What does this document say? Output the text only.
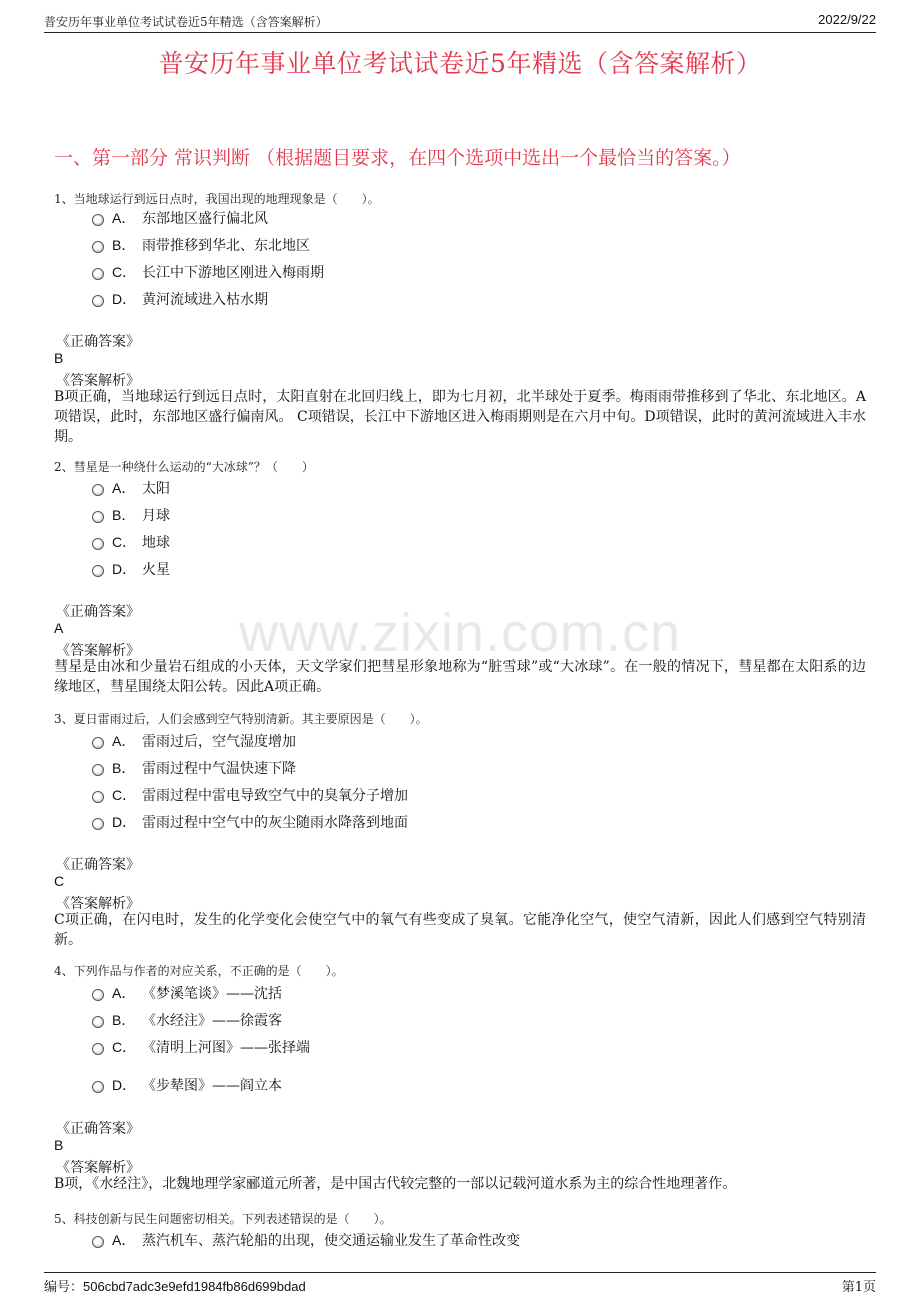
普安历年事业单位考试试卷近5年精选（含答案解析）	2022/9/22
普安历年事业单位考试试卷近5年精选（含答案解析）
一、第一部分 常识判断 （根据题目要求，在四个选项中选出一个最恰当的答案。）
www.zixin.com.cn
1、当地球运行到远日点时，我国出现的地理现象是（　　）。
A． 东部地区盛行偏北风
B． 雨带推移到华北、东北地区
C． 长江中下游地区刚进入梅雨期
D． 黄河流域进入枯水期
《正确答案》
B
《答案解析》
B项正确，当地球运行到远日点时，太阳直射在北回归线上，即为七月初，北半球处于夏季。梅雨雨带推移到了华北、东北地区。A项错误，此时，东部地区盛行偏南风。 C项错误，长江中下游地区进入梅雨期则是在六月中旬。D项错误，此时的黄河流域进入丰水期。
2、彗星是一种绕什么运动的“大冰球”？（　　）
A． 太阳
B． 月球
C． 地球
D． 火星
《正确答案》
A
《答案解析》
彗星是由冰和少量岩石组成的小天体，天文学家们把彗星形象地称为“脏雪球”或“大冰球”。在一般的情况下，彗星都在太阳系的边缘地区，彗星围绕太阳公转。因此A项正确。
3、夏日雷雨过后，人们会感到空气特别清新。其主要原因是（　　）。
A． 雷雨过后，空气湿度增加
B． 雷雨过程中气温快速下降
C． 雷雨过程中雷电导致空气中的臭氧分子增加
D． 雷雨过程中空气中的灰尘随雨水降落到地面
《正确答案》
C
《答案解析》
C项正确，在闪电时，发生的化学变化会使空气中的氧气有些变成了臭氧。它能净化空气，使空气清新，因此人们感到空气特别清新。
4、下列作品与作者的对应关系，不正确的是（　　）。
A． 《梦溪笔谈》——沈括
B． 《水经注》——徐霞客
C． 《清明上河图》——张择端
D． 《步辇图》——阎立本
《正确答案》
B
《答案解析》
B项，《水经注》，北魏地理学家郦道元所著，是中国古代较完整的一部以记载河道水系为主的综合性地理著作。
5、科技创新与民生问题密切相关。下列表述错误的是（　　）。
A． 蒸汽机车、蒸汽轮船的出现，使交通运输业发生了革命性改变
编号：506cbd7adc3e9efd1984fb86d699bdad	第1页
